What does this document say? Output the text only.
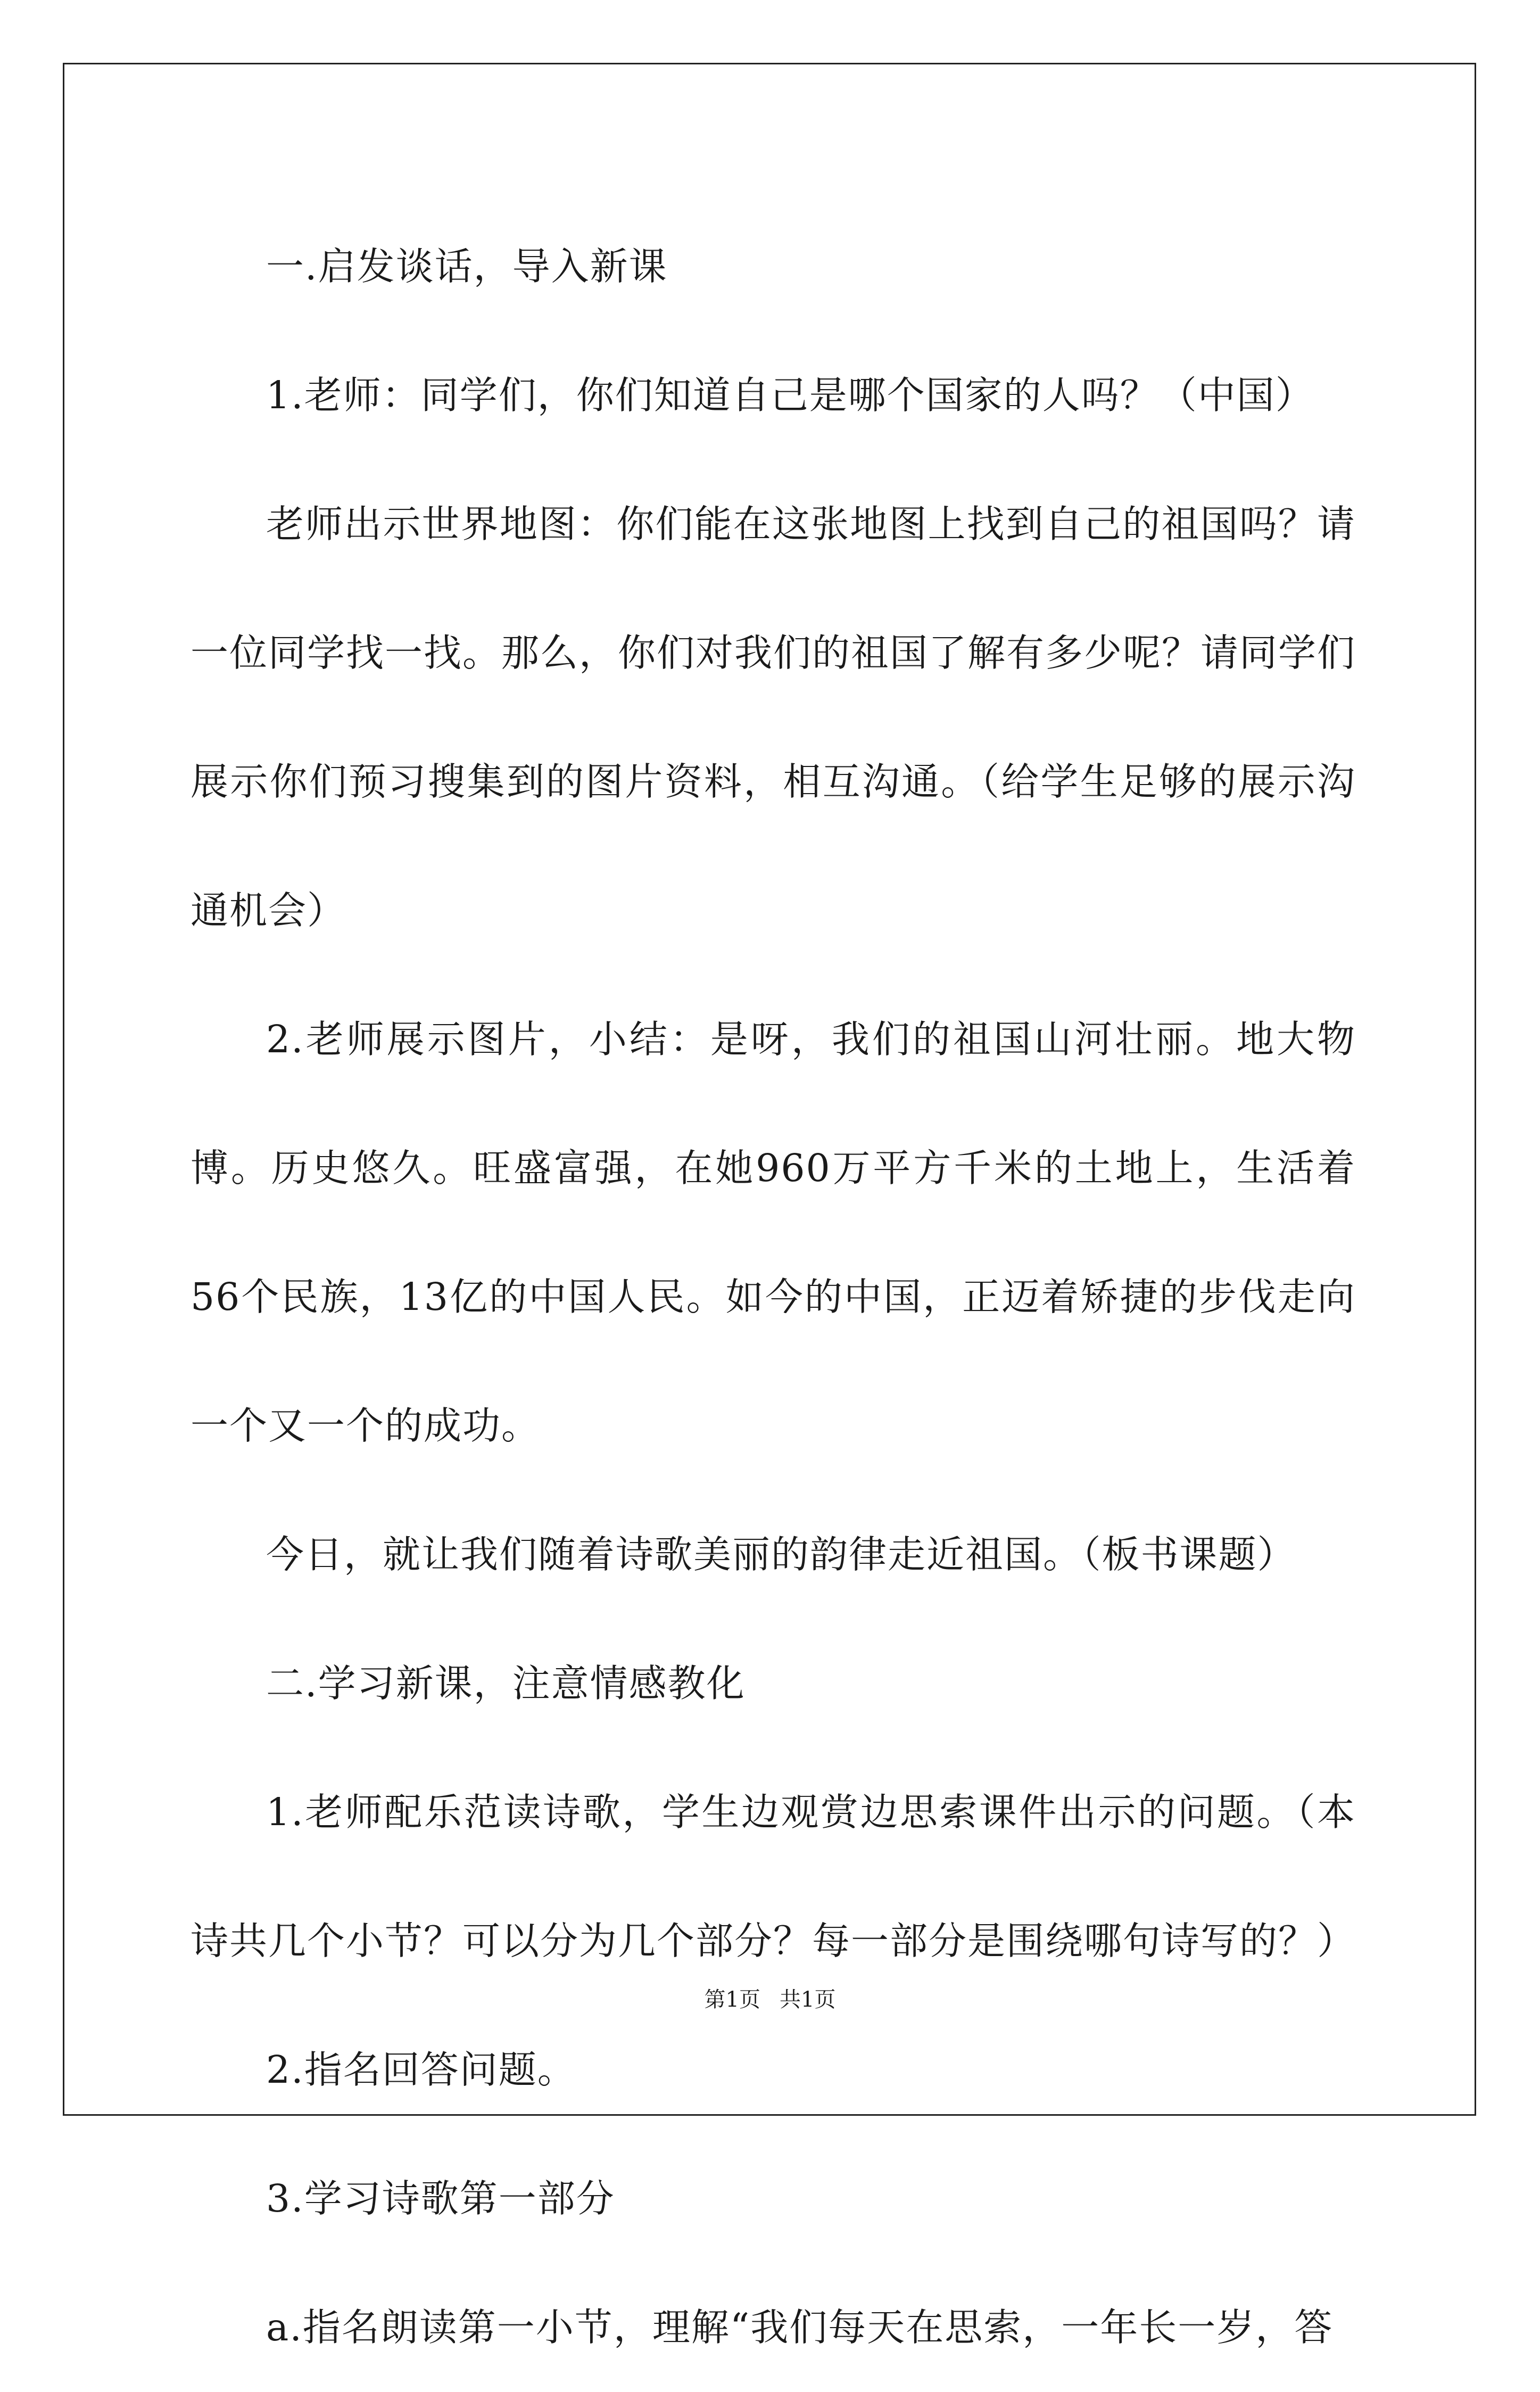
一.启发谈话，导入新课

1.老师：同学们，你们知道自己是哪个国家的人吗？（中国）

老师出示世界地图：你们能在这张地图上找到自己的祖国吗？请一位同学找一找。那么，你们对我们的祖国了解有多少呢？请同学们展示你们预习搜集到的图片资料，相互沟通。（给学生足够的展示沟通机会）

2.老师展示图片，小结：是呀，我们的祖国山河壮丽。地大物博。历史悠久。旺盛富强，在她960万平方千米的土地上，生活着56个民族，13亿的中国人民。如今的中国，正迈着矫捷的步伐走向一个又一个的成功。

今日，就让我们随着诗歌美丽的韵律走近祖国。（板书课题）

二.学习新课，注意情感教化

1.老师配乐范读诗歌，学生边观赏边思索课件出示的问题。（本诗共几个小节？可以分为几个部分？每一部分是围绕哪句诗写的？）

2.指名回答问题。

3.学习诗歌第一部分

a.指名朗读第一小节，理解“我们每天在思索，一年长一岁，答

第1页 共1页
